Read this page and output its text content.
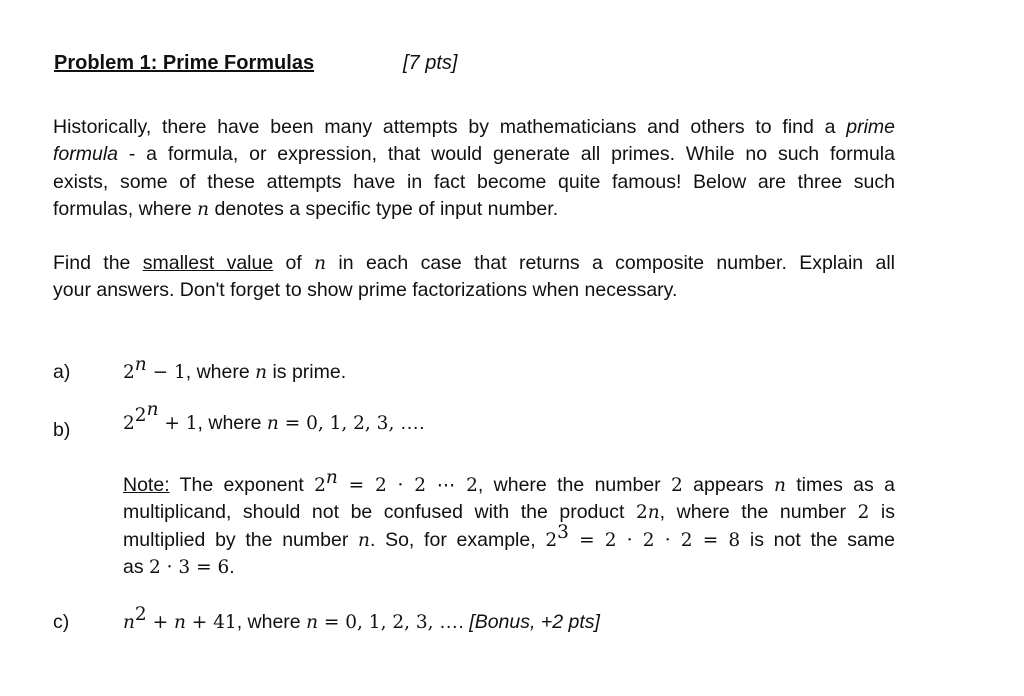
Problem 1: Prime Formulas	[7 pts]

Historically, there have been many attempts by mathematicians and others to find a prime
formula - a formula, or expression, that would generate all primes. While no such formula
exists, some of these attempts have in fact become quite famous! Below are three such
formulas, where n denotes a specific type of input number.

Find the smallest value of n in each case that returns a composite number. Explain all
your answers. Don't forget to show prime factorizations when necessary.

a)	$2^n - 1$, where n is prime.
b)	$2^{2^n} + 1$, where n = 0, 1, 2, 3, ….
Note: The exponent $2^n = 2 \cdot 2$ ⋯ 2, where the number 2 appears n times as a
multiplicand, should not be confused with the product 2n, where the number 2 is
multiplied by the number n. So, for example, $2^3 = 2 \cdot 2 \cdot 2 = 8$ is not the same
as 2 · 3 = 6.
c)	$n^2 + n + 41$, where n = 0, 1, 2, 3, …. [Bonus, +2 pts]
